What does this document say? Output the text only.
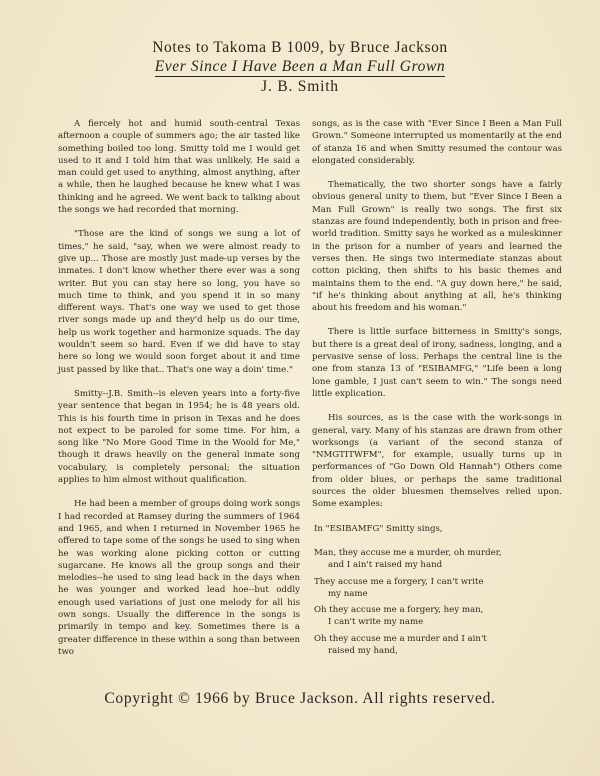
Notes to Takoma B 1009, by Bruce Jackson
Ever Since I Have Been a Man Full Grown
J. B. Smith

A fiercely hot and humid south-central Texas afternoon a couple of summers ago; the air tasted like something boiled too long. Smitty told me I would get used to it and I told him that was unlikely. He said a man could get used to anything, almost anything, after a while, then he laughed because he knew what I was thinking and he agreed. We went back to talking about the songs we had recorded that morning.

"Those are the kind of songs we sung a lot of times," he said, "say, when we were almost ready to give up... Those are mostly just made-up verses by the inmates. I don't know whether there ever was a song writer. But you can stay here so long, you have so much time to think, and you spend it in so many different ways. That's one way we used to get those river songs made up and they'd help us do our time, help us work together and harmonize squads. The day wouldn't seem so hard. Even if we did have to stay here so long we would soon forget about it and time just passed by like that.. That's one way a doin' time."

Smitty--J.B. Smith--is eleven years into a forty-five year sentence that began in 1954; he is 48 years old. This is his fourth time in prison in Texas and he does not expect to be paroled for some time. For him, a song like "No More Good Time in the Woold for Me," though it draws heavily on the general inmate song vocabulary, is completely personal; the situation applies to him almost without qualification.

He had been a member of groups doing work songs I had recorded at Ramsey during the summers of 1964 and 1965, and when I returned in November 1965 he offered to tape some of the songs he used to sing when he was working alone picking cotton or cutting sugarcane. He knows all the group songs and their melodies--he used to sing lead back in the days when he was younger and worked lead hoe--but oddly enough used variations of just one melody for all his own songs. Usually the difference in the songs is primarily in tempo and key. Sometimes there is a greater difference in these within a song than between two

songs, as is the case with "Ever Since I Been a Man Full Grown." Someone interrupted us momentarily at the end of stanza 16 and when Smitty resumed the contour was elongated considerably.

Thematically, the two shorter songs have a fairly obvious general unity to them, but "Ever Since I Been a Man Full Grown" is really two songs. The first six stanzas are found independently, both in prison and free-world tradition. Smitty says he worked as a muleskinner in the prison for a number of years and learned the verses then. He sings two intermediate stanzas about cotton picking, then shifts to his basic themes and maintains them to the end. "A guy down here," he said, "if he's thinking about anything at all, he's thinking about his freedom and his woman."

There is little surface bitterness in Smitty's songs, but there is a great deal of irony, sadness, longing, and a pervasive sense of loss. Perhaps the central line is the one from stanza 13 of "ESIBAMFG," "Life been a long lone gamble, I just can't seem to win." The songs need little explication.

His sources, as is the case with the work-songs in general, vary. Many of his stanzas are drawn from other worksongs (a variant of the second stanza of "NMGTITWFM", for example, usually turns up in performances of "Go Down Old Hannah") Others come from older blues, or perhaps the same traditional sources the older bluesmen themselves relied upon. Some examples:

In "ESIBAMFG" Smitty sings,
Man, they accuse me a murder, oh murder,
and I ain't raised my hand
They accuse me a forgery, I can't write
my name
Oh they accuse me a forgery, hey man,
I can't write my name
Oh they accuse me a murder and I ain't
raised my hand,
Copyright © 1966 by Bruce Jackson. All rights reserved.
